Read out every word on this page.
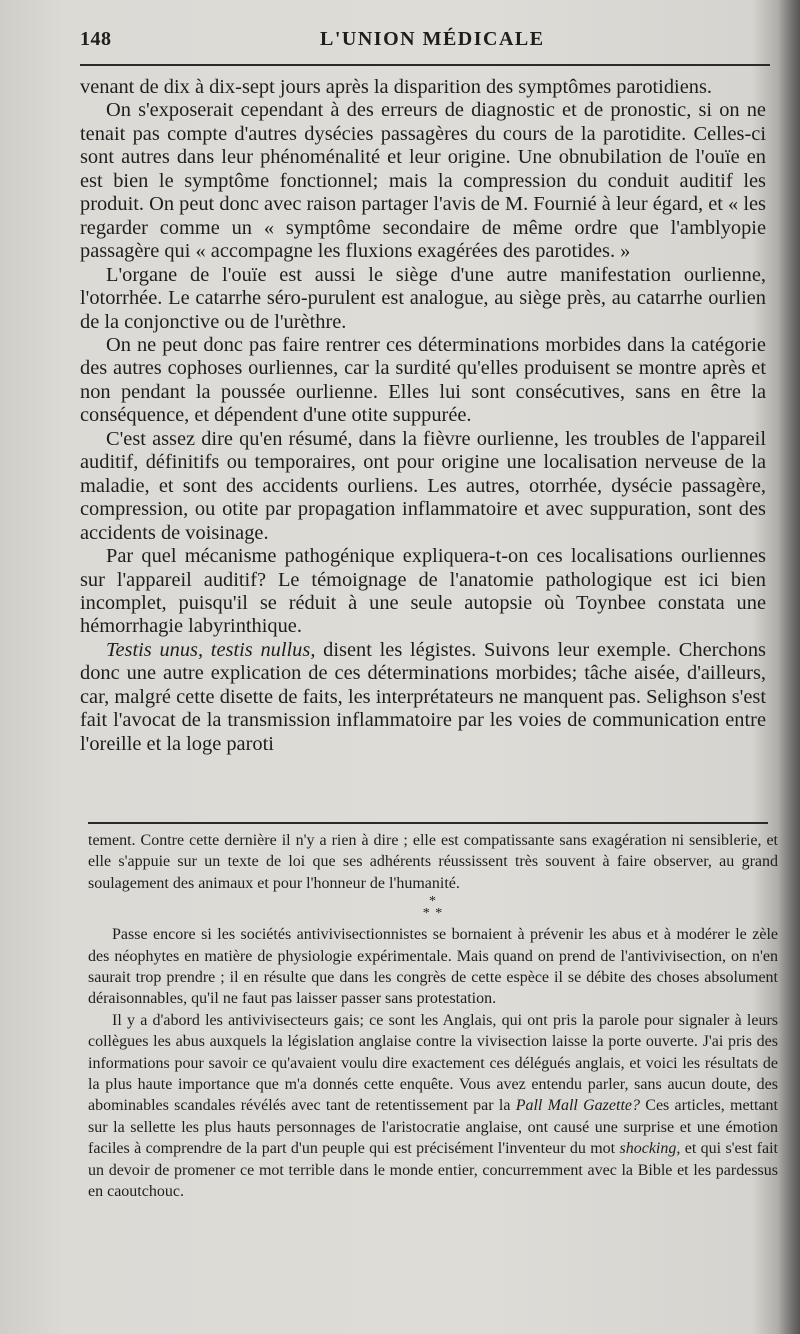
148	L'UNION MÉDICALE

venant de dix à dix-sept jours après la disparition des symptômes parotidiens.

On s'exposerait cependant à des erreurs de diagnostic et de pronostic, si on ne tenait pas compte d'autres dysécies passagères du cours de la parotidite. Celles-ci sont autres dans leur phénoménalité et leur origine. Une obnubilation de l'ouïe en est bien le symptôme fonctionnel; mais la compression du conduit auditif les produit. On peut donc avec raison partager l'avis de M. Fournié à leur égard, et « les regarder comme un « symptôme secondaire de même ordre que l'amblyopie passagère qui « accompagne les fluxions exagérées des parotides. »

L'organe de l'ouïe est aussi le siège d'une autre manifestation ourlienne, l'otorrhée. Le catarrhe séro-purulent est analogue, au siège près, au catarrhe ourlien de la conjonctive ou de l'urèthre.

On ne peut donc pas faire rentrer ces déterminations morbides dans la catégorie des autres cophoses ourliennes, car la surdité qu'elles produisent se montre après et non pendant la poussée ourlienne. Elles lui sont consécutives, sans en être la conséquence, et dépendent d'une otite suppurée.

C'est assez dire qu'en résumé, dans la fièvre ourlienne, les troubles de l'appareil auditif, définitifs ou temporaires, ont pour origine une localisation nerveuse de la maladie, et sont des accidents ourliens. Les autres, otorrhée, dysécie passagère, compression, ou otite par propagation inflammatoire et avec suppuration, sont des accidents de voisinage.

Par quel mécanisme pathogénique expliquera-t-on ces localisations ourliennes sur l'appareil auditif? Le témoignage de l'anatomie pathologique est ici bien incomplet, puisqu'il se réduit à une seule autopsie où Toynbee constata une hémorrhagie labyrinthique.

Testis unus, testis nullus, disent les légistes. Suivons leur exemple. Cherchons donc une autre explication de ces déterminations morbides; tâche aisée, d'ailleurs, car, malgré cette disette de faits, les interprétateurs ne manquent pas. Selighson s'est fait l'avocat de la transmission inflammatoire par les voies de communication entre l'oreille et la loge paroti

tement. Contre cette dernière il n'y a rien à dire ; elle est compatissante sans exagération ni sensiblerie, et elle s'appuie sur un texte de loi que ses adhérents réussissent très souvent à faire observer, au grand soulagement des animaux et pour l'honneur de l'humanité.

*
* *

Passe encore si les sociétés antivivisectionnistes se bornaient à prévenir les abus et à modérer le zèle des néophytes en matière de physiologie expérimentale. Mais quand on prend de l'antivivisection, on n'en saurait trop prendre ; il en résulte que dans les congrès de cette espèce il se débite des choses absolument déraisonnables, qu'il ne faut pas laisser passer sans protestation.

Il y a d'abord les antivivisecteurs gais; ce sont les Anglais, qui ont pris la parole pour signaler à leurs collègues les abus auxquels la législation anglaise contre la vivisection laisse la porte ouverte. J'ai pris des informations pour savoir ce qu'avaient voulu dire exactement ces délégués anglais, et voici les résultats de la plus haute importance que m'a donnés cette enquête. Vous avez entendu parler, sans aucun doute, des abominables scandales révélés avec tant de retentissement par la Pall Mall Gazette? Ces articles, mettant sur la sellette les plus hauts personnages de l'aristocratie anglaise, ont causé une surprise et une émotion faciles à comprendre de la part d'un peuple qui est précisément l'inventeur du mot shocking, et qui s'est fait un devoir de promener ce mot terrible dans le monde entier, concurremment avec la Bible et les pardessus en caoutchouc.
